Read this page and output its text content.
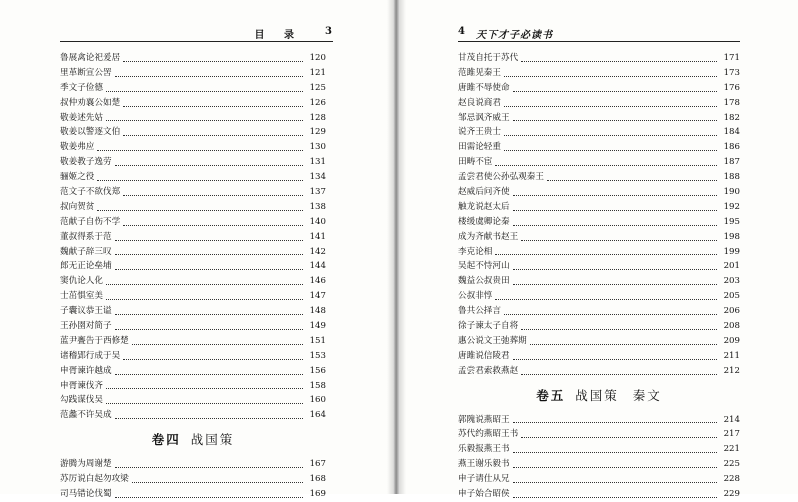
目 录	3
鲁展禽论祀爰居	120
里革断宣公罟	121
季文子俭德	125
叔仲劝襄公如楚	126
敬姜述先姑	128
敬姜以警逐文伯	129
敬姜弗应	130
敬姜教子逸劳	131
骊姬之役	134
范文子不欲伐郑	137
叔向贺贫	138
范献子自伤不学	140
董叔得系于范	141
魏献子辞三叹	142
郎无正论垒埔	144
窦仇论人化	146
士茁惧室美	147
子囊议恭王谥	148
王孙圉对简子	149
蓝尹亹告于西修楚	151
诸稽郢行成于吴	153
申胥谏许越成	156
申胥谏伐齐	158
勾践谋伐吴	160
范蠡不许吴成	164
卷四 战国策
游腾为周谢楚	167
苏厉说白起勿攻梁	168
司马错论伐蜀	169
4 天下才子必读书
甘茂自托于苏代	171
范雎见秦王	173
唐雎不辱使命	176
赵良说商君	178
邹忌讽齐威王	182
说齐王贵士	184
田需论轻重	186
田畴不宦	187
孟尝君使公孙弘观秦王	188
赵威后问齐使	190
触龙说赵太后	192
楼缓虞卿论秦	195
成为齐献书赵王	198
李克论相	199
吴起不恃河山	201
魏益公叔贵田	203
公叔非惇	205
鲁共公择言	206
徐子谏太子自将	208
惠公说文王弛葬期	209
唐雎说信陵君	211
孟尝君索救燕赵	212
卷五 战国策 秦文
郭隗说燕昭王	214
苏代约燕昭王书	217
乐毅报燕王书	221
燕王谢乐毅书	225
申子请仕从兄	228
申子始合昭侯	229
